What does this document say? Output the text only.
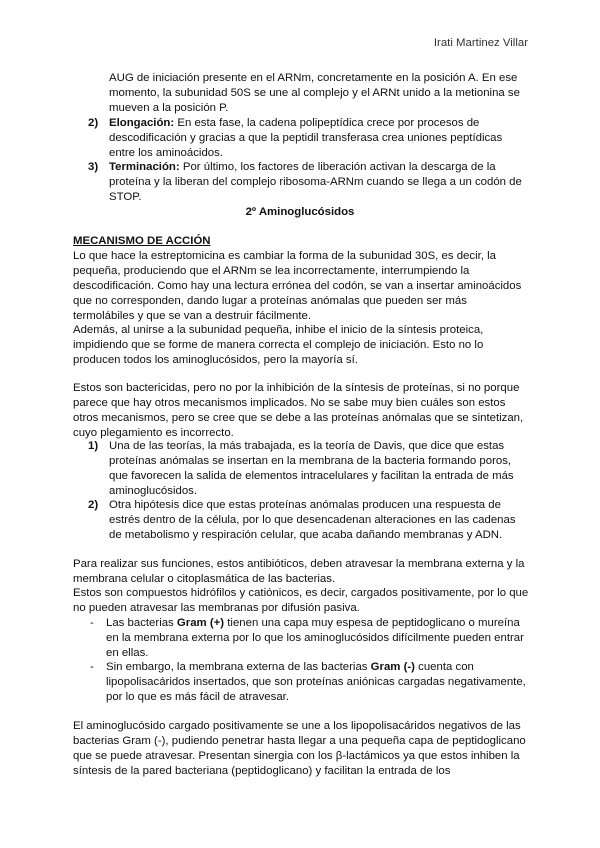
Irati Martinez Villar

AUG de iniciación presente en el ARNm, concretamente en la posición A. En ese momento, la subunidad 50S se une al complejo y el ARNt unido a la metionina se mueven a la posición P.

2) Elongación: En esta fase, la cadena polipeptídica crece por procesos de descodificación y gracias a que la peptidil transferasa crea uniones peptídicas entre los aminoácidos.

3) Terminación: Por último, los factores de liberación activan la descarga de la proteína y la liberan del complejo ribosoma-ARNm cuando se llega a un codón de STOP.

2º Aminoglucósidos
MECANISMO DE ACCIÓN

Lo que hace la estreptomicina es cambiar la forma de la subunidad 30S, es decir, la pequeña, produciendo que el ARNm se lea incorrectamente, interrumpiendo la descodificación. Como hay una lectura errónea del codón, se van a insertar aminoácidos que no corresponden, dando lugar a proteínas anómalas que pueden ser más termolábiles y que se van a destruir fácilmente.

Además, al unirse a la subunidad pequeña, inhibe el inicio de la síntesis proteica, impidiendo que se forme de manera correcta el complejo de iniciación. Esto no lo producen todos los aminoglucósidos, pero la mayoría sí.

Estos son bactericidas, pero no por la inhibición de la síntesis de proteínas, si no porque parece que hay otros mecanismos implicados. No se sabe muy bien cuáles son estos otros mecanismos, pero se cree que se debe a las proteínas anómalas que se sintetizan, cuyo plegamiento es incorrecto.

1) Una de las teorías, la más trabajada, es la teoría de Davis, que dice que estas proteínas anómalas se insertan en la membrana de la bacteria formando poros, que favorecen la salida de elementos intracelulares y facilitan la entrada de más aminoglucósidos.

2) Otra hipótesis dice que estas proteínas anómalas producen una respuesta de estrés dentro de la célula, por lo que desencadenan alteraciones en las cadenas de metabolismo y respiración celular, que acaba dañando membranas y ADN.

Para realizar sus funciones, estos antibióticos, deben atravesar la membrana externa y la membrana celular o citoplasmática de las bacterias.

Estos son compuestos hidrófilos y catiónicos, es decir, cargados positivamente, por lo que no pueden atravesar las membranas por difusión pasiva.

- Las bacterias Gram (+) tienen una capa muy espesa de peptidoglicano o mureína en la membrana externa por lo que los aminoglucósidos difícilmente pueden entrar en ellas.

- Sin embargo, la membrana externa de las bacterias Gram (-) cuenta con lipopolisacáridos insertados, que son proteínas aniónicas cargadas negativamente, por lo que es más fácil de atravesar.

El aminoglucósido cargado positivamente se une a los lipopolisacáridos negativos de las bacterias Gram (-), pudiendo penetrar hasta llegar a una pequeña capa de peptidoglicano que se puede atravesar. Presentan sinergia con los β-lactámicos ya que estos inhiben la síntesis de la pared bacteriana (peptidoglicano) y facilitan la entrada de los
